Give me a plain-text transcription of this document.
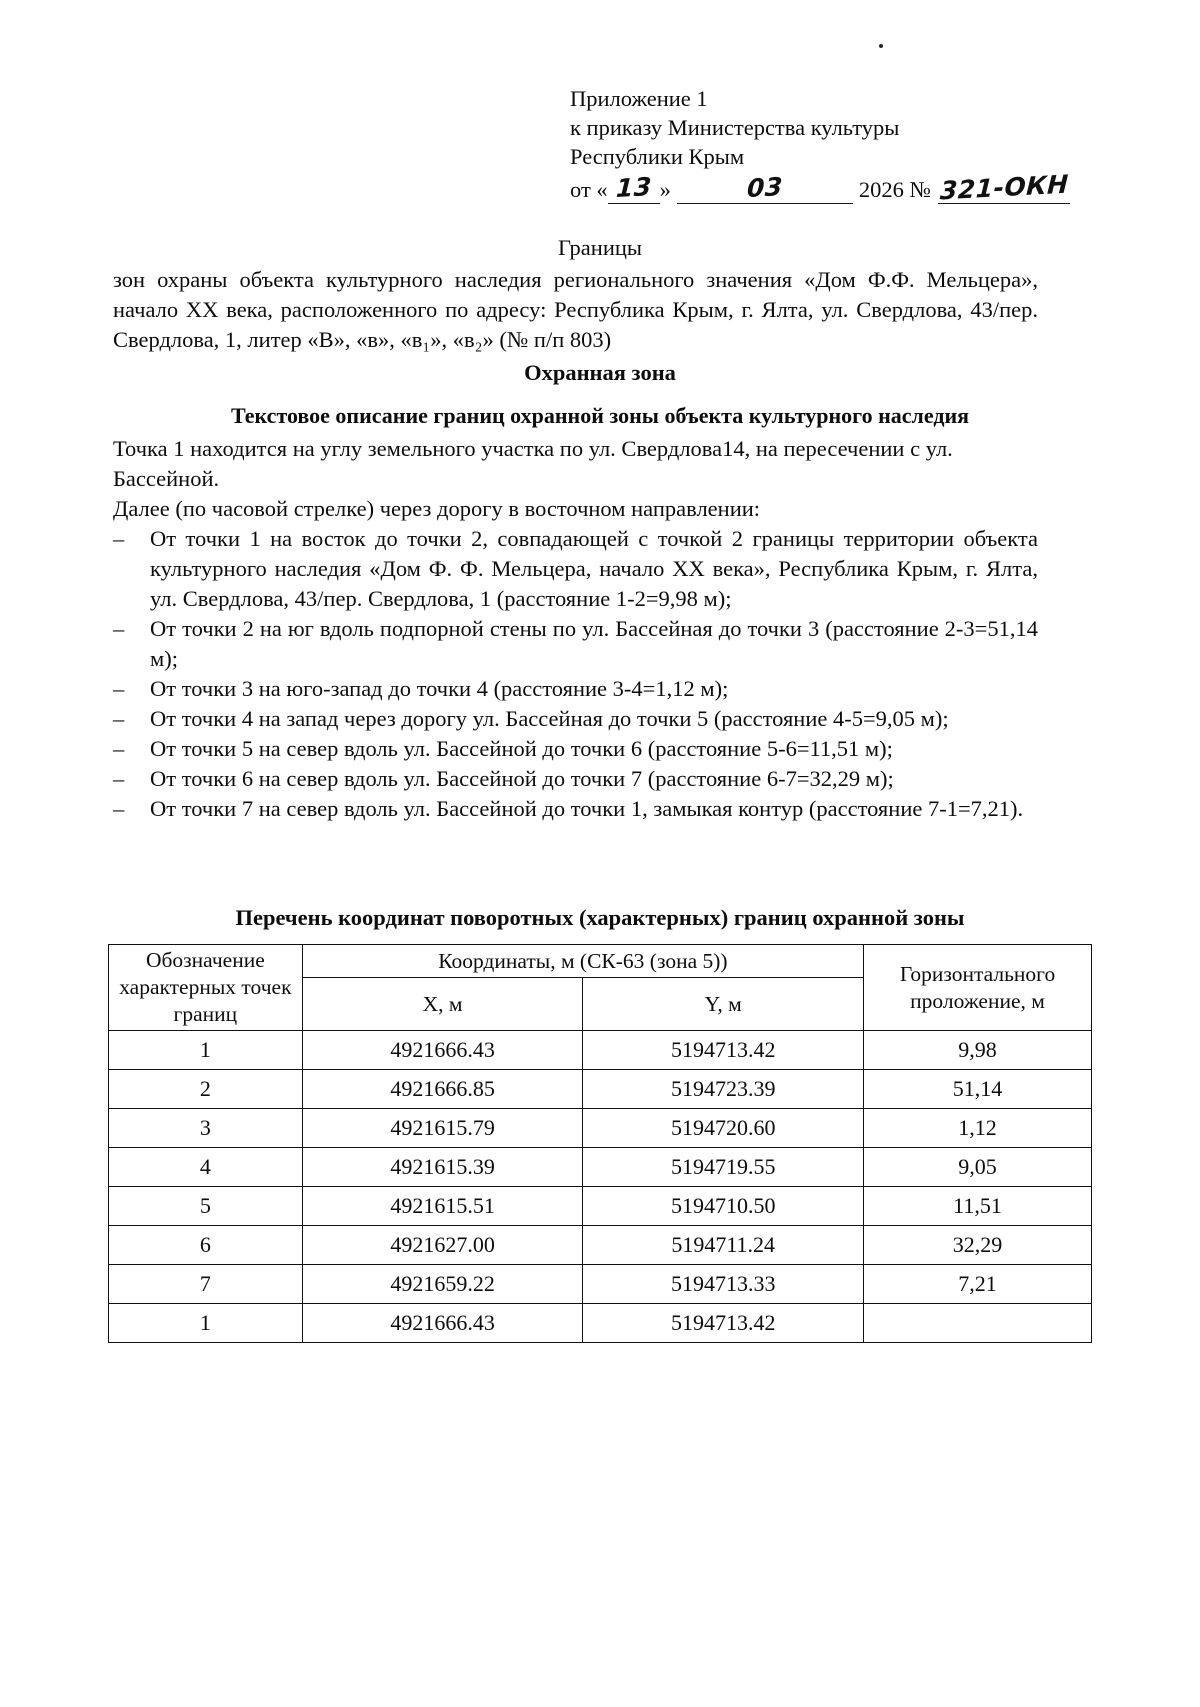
Приложение 1
к приказу Министерства культуры
Республики Крым
от « 13 »	03	2026
№ 321-ОКН
Границы
зон охраны объекта культурного наследия регионального значения «Дом Ф.Ф. Мельцера», начало XX века, расположенного по адресу: Республика Крым, г. Ялта, ул. Свердлова, 43/пер. Свердлова, 1, литер «В», «в», «в₁», «в₂» (№ п/п 803)
Охранная зона
Текстовое описание границ охранной зоны объекта культурного наследия
Точка 1 находится на углу земельного участка по ул. Свердлова14, на пересечении с ул. Бассейной.
Далее (по часовой стрелке) через дорогу в восточном направлении:
–	От точки 1 на восток до точки 2, совпадающей с точкой 2 границы территории объекта культурного наследия «Дом Ф. Ф. Мельцера, начало XX века», Республика Крым, г. Ялта, ул. Свердлова, 43/пер. Свердлова, 1 (расстояние 1-2=9,98 м);
–	От точки 2 на юг вдоль подпорной стены по ул. Бассейная до точки 3 (расстояние 2-3=51,14 м);
–	От точки 3 на юго-запад до точки 4 (расстояние 3-4=1,12 м);
–	От точки 4 на запад через дорогу ул. Бассейная до точки 5 (расстояние 4-5=9,05 м);
–	От точки 5 на север вдоль ул. Бассейной до точки 6 (расстояние 5-6=11,51 м);
–	От точки 6 на север вдоль ул. Бассейной до точки 7 (расстояние 6-7=32,29 м);
–	От точки 7 на север вдоль ул. Бассейной до точки 1, замыкая контур (расстояние 7-1=7,21).
Перечень координат поворотных (характерных) границ охранной зоны
Обозначение характерных точек границ	Координаты, м (СК-63 (зона 5))		Горизонтального проложение, м
	X, м	Y, м	
1	4921666.43	5194713.42	9,98
2	4921666.85	5194723.39	51,14
3	4921615.79	5194720.60	1,12
4	4921615.39	5194719.55	9,05
5	4921615.51	5194710.50	11,51
6	4921627.00	5194711.24	32,29
7	4921659.22	5194713.33	7,21
1	4921666.43	5194713.42	
